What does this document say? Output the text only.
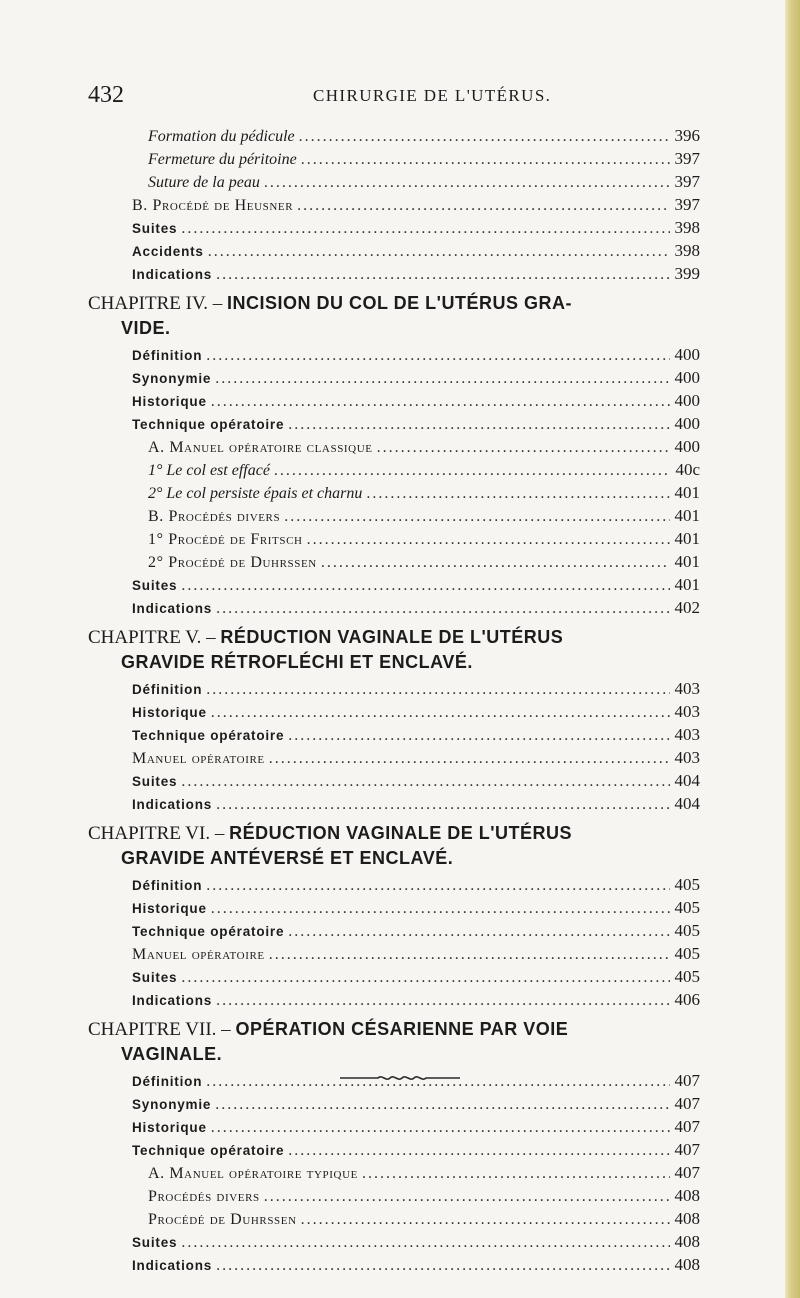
432	CHIRURGIE DE L'UTÉRUS.
Formation du pédicule .....	396
Fermeture du péritoine .....	397
Suture de la peau .....	397
B. Procédé de Heusner .....	397
Suites .....	398
Accidents .....	398
Indications .....	399
CHAPITRE IV. – INCISION DU COL DE L'UTÉRUS GRA-
VIDE.
Définition .....	400
Synonymie .....	400
Historique .....	400
Technique opératoire .....	400
A. Manuel opératoire classique .....	400
1° Le col est effacé .....	40c
2° Le col persiste épais et charnu .....	401
B. Procédés divers .....	401
1° Procédé de Fritsch .....	401
2° Procédé de Duhrssen .....	401
Suites .....	401
Indications .....	402
CHAPITRE V. – RÉDUCTION VAGINALE DE L'UTÉRUS
GRAVIDE RÉTROFLÉCHI ET ENCLAVÉ.
Définition .....	403
Historique .....	403
Technique opératoire .....	403
Manuel opératoire .....	403
Suites .....	404
Indications .....	404
CHAPITRE VI. – RÉDUCTION VAGINALE DE L'UTÉRUS
GRAVIDE ANTÉVERSÉ ET ENCLAVÉ.
Définition .....	405
Historique .....	405
Technique opératoire .....	405
Manuel opératoire .....	405
Suites .....	405
Indications .....	406
CHAPITRE VII. – OPÉRATION CÉSARIENNE PAR VOIE
VAGINALE.
Définition .....	407
Synonymie .....	407
Historique .....	407
Technique opératoire .....	407
A. Manuel opératoire typique .....	407
Procédés divers .....	408
Procédé de Duhrssen .....	408
Suites .....	408
Indications .....	408
